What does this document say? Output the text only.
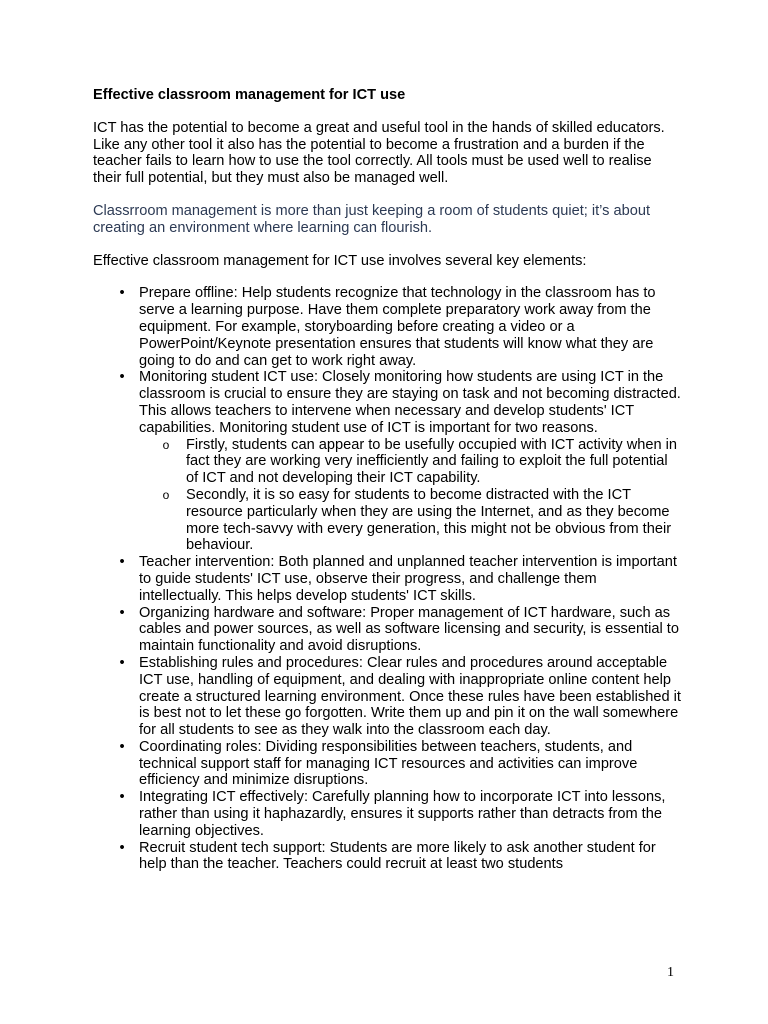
Effective classroom management for ICT use

ICT has the potential to become a great and useful tool in the hands of skilled educators. Like any other tool it also has the potential to become a frustration and a burden if the teacher fails to learn how to use the tool correctly. All tools must be used well to realise their full potential, but they must also be managed well.

Classrroom management is more than just keeping a room of students quiet; it’s about creating an environment where learning can flourish.

Effective classroom management for ICT use involves several key elements:

• Prepare offline: Help students recognize that technology in the classroom has to serve a learning purpose. Have them complete preparatory work away from the equipment. For example, storyboarding before creating a video or a PowerPoint/Keynote presentation ensures that students will know what they are going to do and can get to work right away.
• Monitoring student ICT use: Closely monitoring how students are using ICT in the classroom is crucial to ensure they are staying on task and not becoming distracted. This allows teachers to intervene when necessary and develop students' ICT capabilities. Monitoring student use of ICT is important for two reasons.
o Firstly, students can appear to be usefully occupied with ICT activity when in fact they are working very inefficiently and failing to exploit the full potential of ICT and not developing their ICT capability.
o Secondly, it is so easy for students to become distracted with the ICT resource particularly when they are using the Internet, and as they become more tech-savvy with every generation, this might not be obvious from their behaviour.
• Teacher intervention: Both planned and unplanned teacher intervention is important to guide students' ICT use, observe their progress, and challenge them intellectually. This helps develop students' ICT skills.
• Organizing hardware and software: Proper management of ICT hardware, such as cables and power sources, as well as software licensing and security, is essential to maintain functionality and avoid disruptions.
• Establishing rules and procedures: Clear rules and procedures around acceptable ICT use, handling of equipment, and dealing with inappropriate online content help create a structured learning environment. Once these rules have been established it is best not to let these go forgotten. Write them up and pin it on the wall somewhere for all students to see as they walk into the classroom each day.
• Coordinating roles: Dividing responsibilities between teachers, students, and technical support staff for managing ICT resources and activities can improve efficiency and minimize disruptions.
• Integrating ICT effectively: Carefully planning how to incorporate ICT into lessons, rather than using it haphazardly, ensures it supports rather than detracts from the learning objectives.
• Recruit student tech support: Students are more likely to ask another student for help than the teacher. Teachers could recruit at least two students
1
